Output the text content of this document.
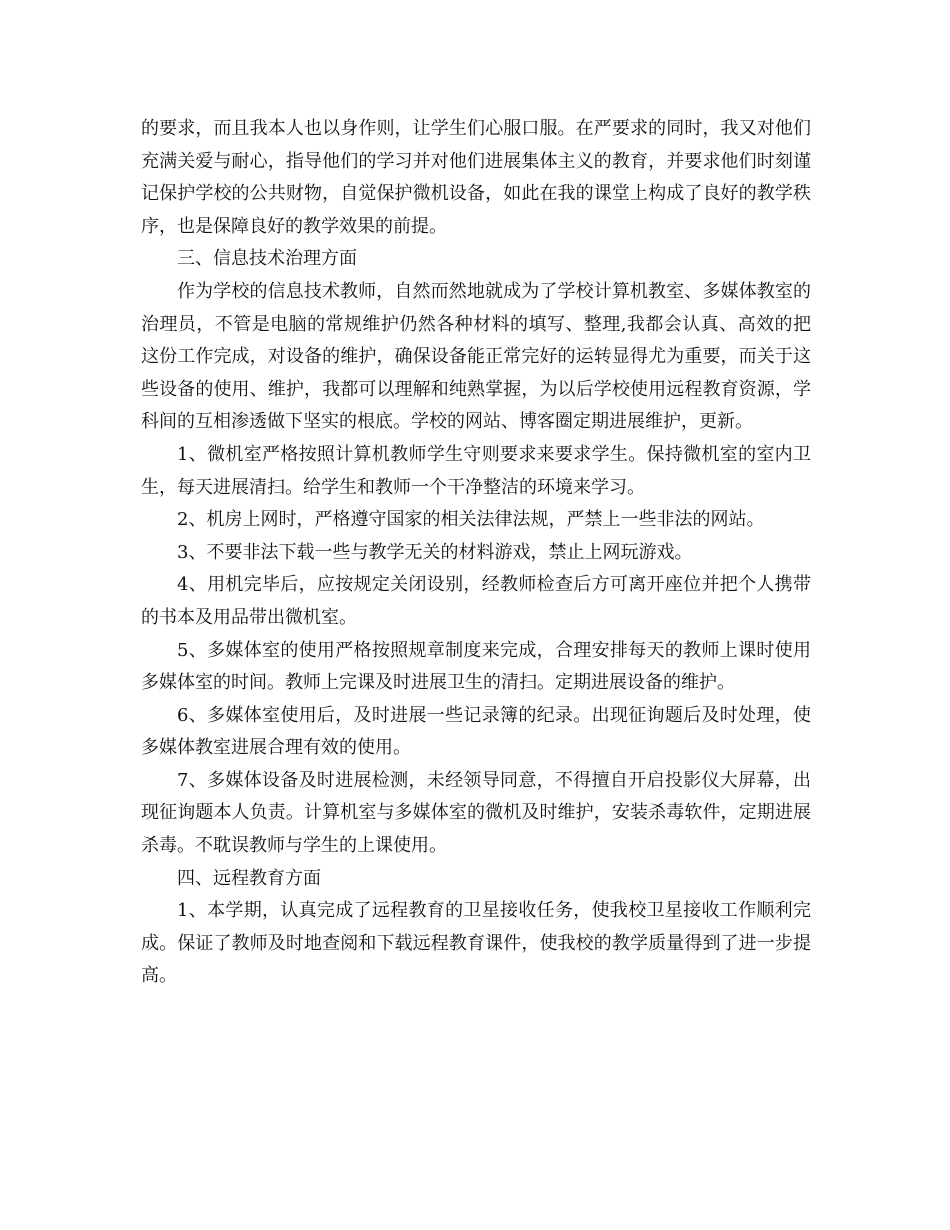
的要求，而且我本人也以身作则，让学生们心服口服。在严要求的同时，我又对他们充满关爱与耐心，指导他们的学习并对他们进展集体主义的教育，并要求他们时刻谨记保护学校的公共财物，自觉保护微机设备，如此在我的课堂上构成了良好的教学秩序，也是保障良好的教学效果的前提。

三、信息技术治理方面

作为学校的信息技术教师，自然而然地就成为了学校计算机教室、多媒体教室的治理员，不管是电脑的常规维护仍然各种材料的填写、整理,我都会认真、高效的把这份工作完成，对设备的维护，确保设备能正常完好的运转显得尤为重要，而关于这些设备的使用、维护，我都可以理解和纯熟掌握，为以后学校使用远程教育资源，学科间的互相渗透做下坚实的根底。学校的网站、博客圈定期进展维护，更新。

1、微机室严格按照计算机教师学生守则要求来要求学生。保持微机室的室内卫生，每天进展清扫。给学生和教师一个干净整洁的环境来学习。

2、机房上网时，严格遵守国家的相关法律法规，严禁上一些非法的网站。

3、不要非法下载一些与教学无关的材料游戏，禁止上网玩游戏。

4、用机完毕后，应按规定关闭设别，经教师检查后方可离开座位并把个人携带的书本及用品带出微机室。

5、多媒体室的使用严格按照规章制度来完成，合理安排每天的教师上课时使用多媒体室的时间。教师上完课及时进展卫生的清扫。定期进展设备的维护。

6、多媒体室使用后，及时进展一些记录簿的纪录。出现征询题后及时处理，使多媒体教室进展合理有效的使用。

7、多媒体设备及时进展检测，未经领导同意，不得擅自开启投影仪大屏幕，出现征询题本人负责。计算机室与多媒体室的微机及时维护，安装杀毒软件，定期进展杀毒。不耽误教师与学生的上课使用。

四、远程教育方面

1、本学期，认真完成了远程教育的卫星接收任务，使我校卫星接收工作顺利完成。保证了教师及时地查阅和下载远程教育课件，使我校的教学质量得到了进一步提高。
